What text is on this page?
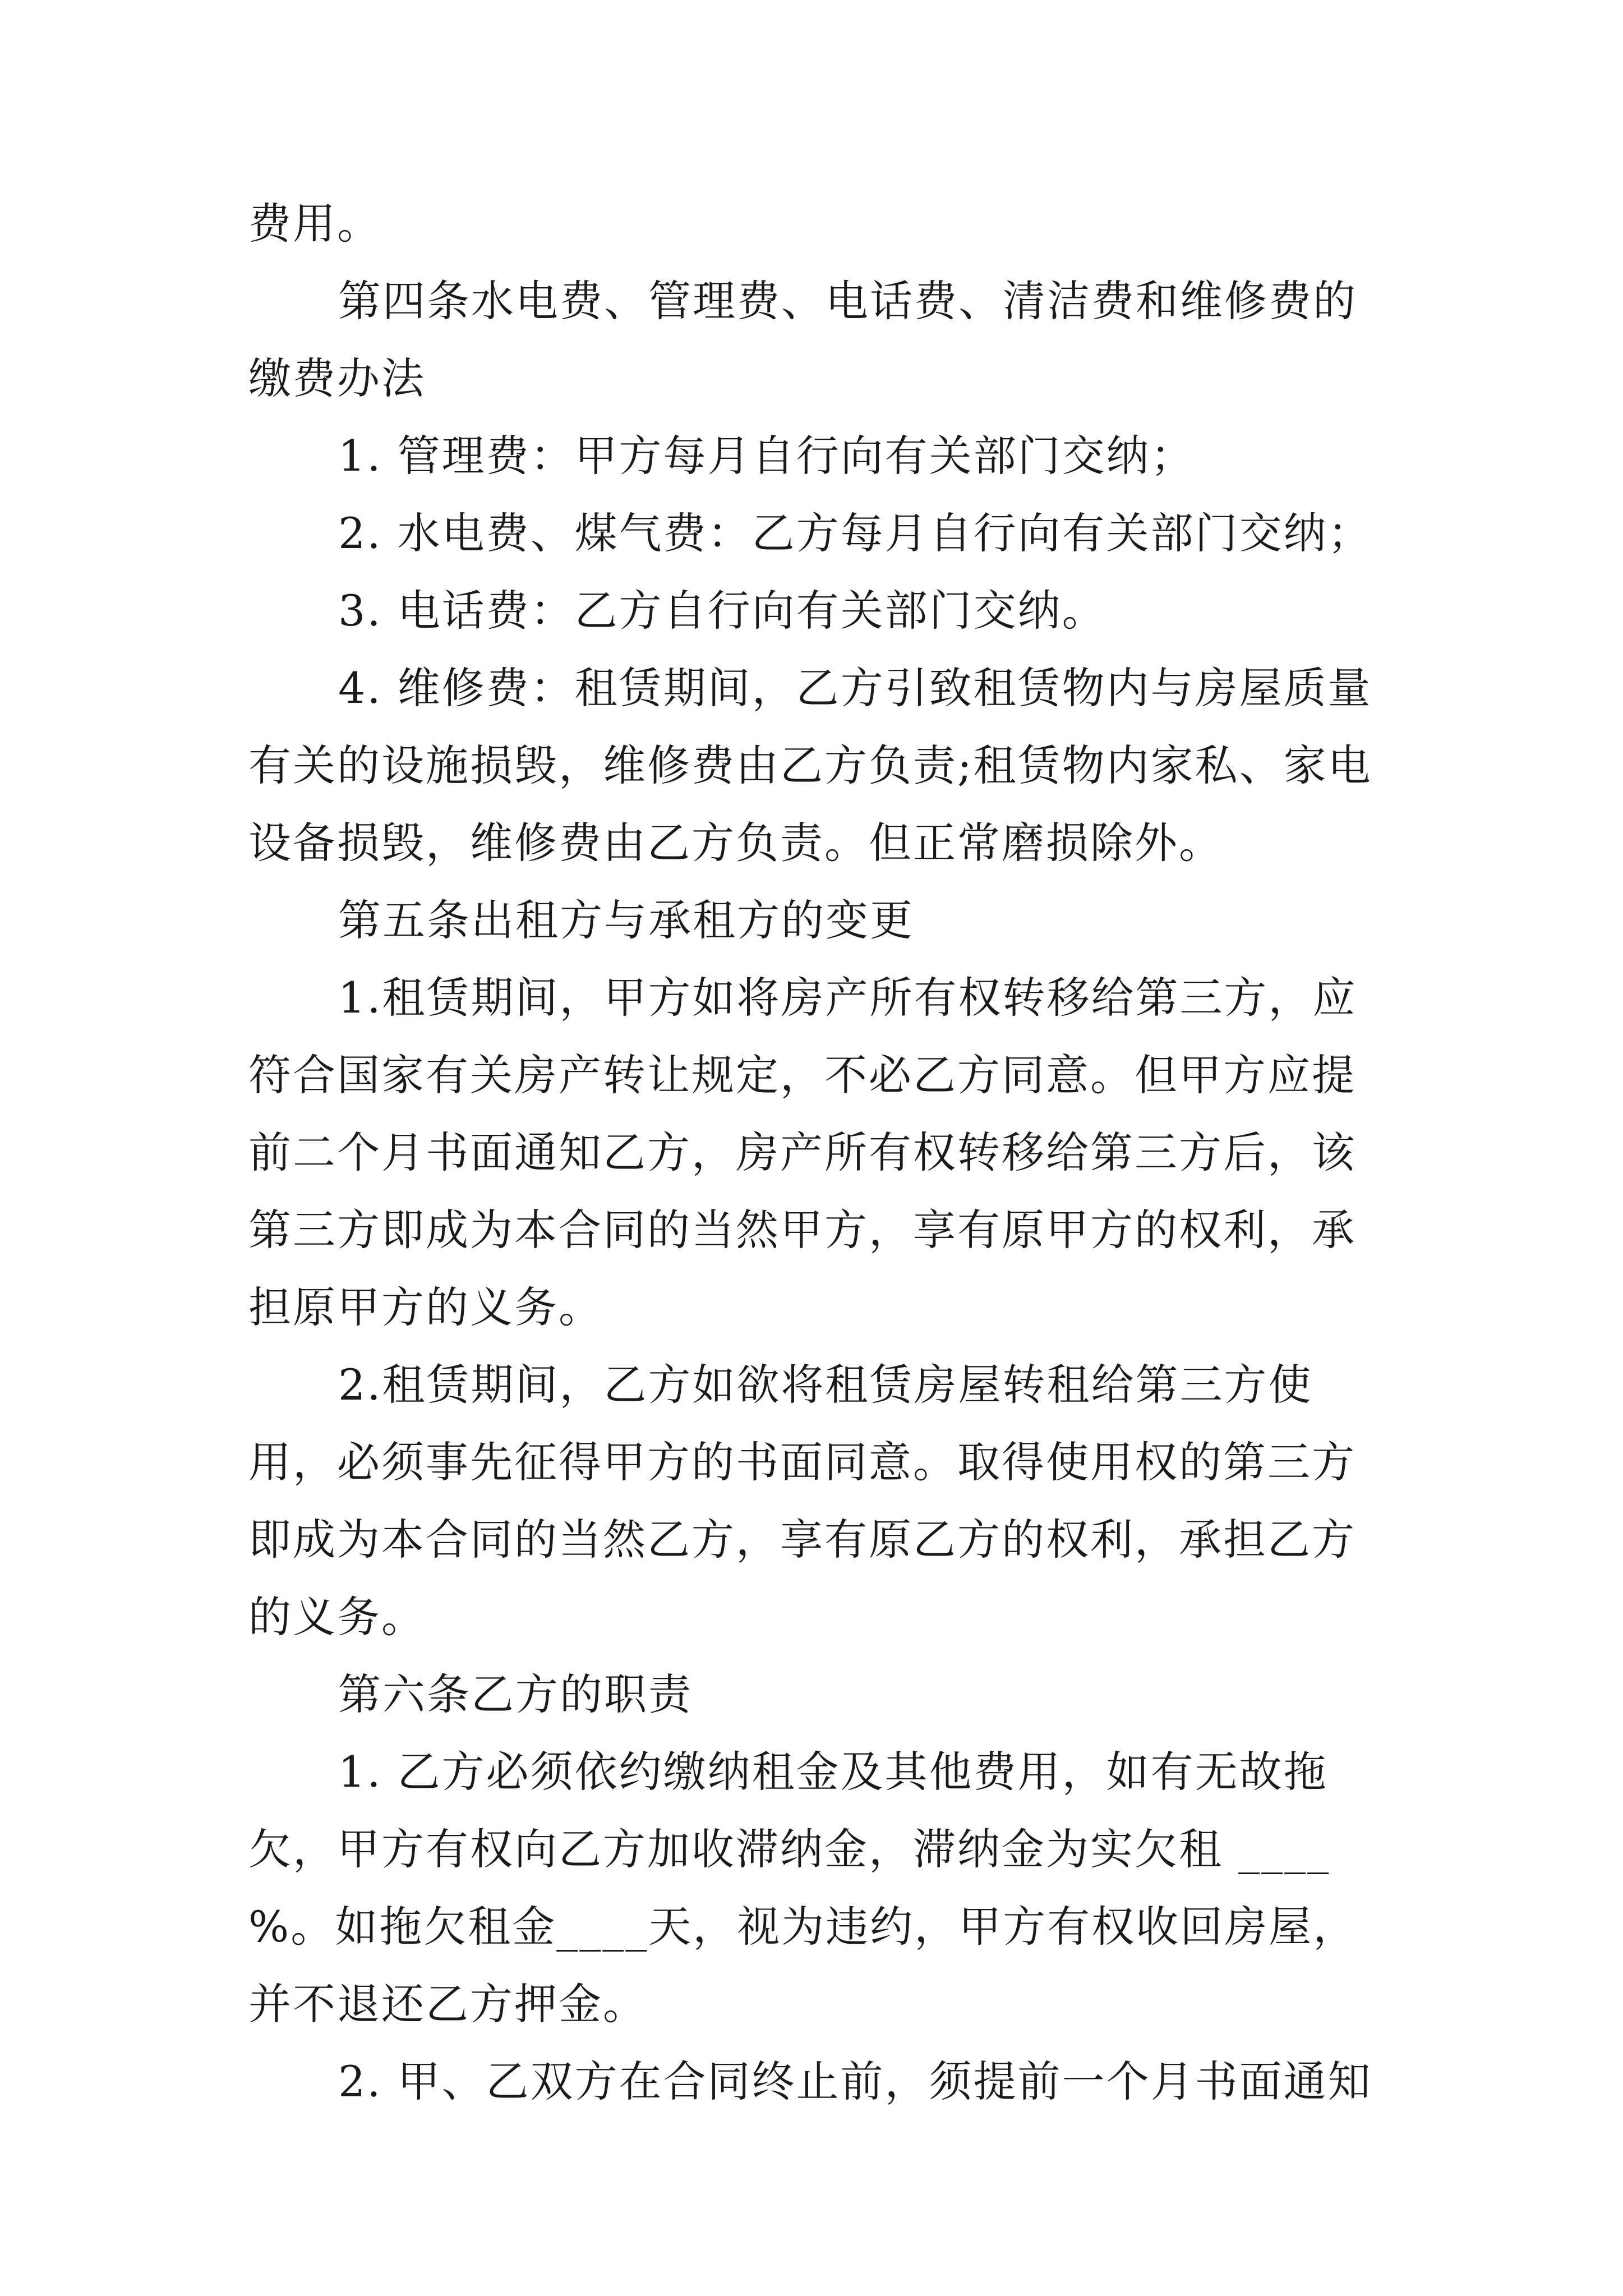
费用。

第四条水电费、管理费、电话费、清洁费和维修费的缴费办法

1. 管理费：甲方每月自行向有关部门交纳；

2. 水电费、煤气费：乙方每月自行向有关部门交纳；

3. 电话费：乙方自行向有关部门交纳。

4. 维修费：租赁期间，乙方引致租赁物内与房屋质量有关的设施损毁，维修费由乙方负责;租赁物内家私、家电设备损毁，维修费由乙方负责。但正常磨损除外。

第五条出租方与承租方的变更

1.租赁期间，甲方如将房产所有权转移给第三方，应符合国家有关房产转让规定，不必乙方同意。但甲方应提前二个月书面通知乙方，房产所有权转移给第三方后，该第三方即成为本合同的当然甲方，享有原甲方的权利，承担原甲方的义务。

2.租赁期间，乙方如欲将租赁房屋转租给第三方使用，必须事先征得甲方的书面同意。取得使用权的第三方即成为本合同的当然乙方，享有原乙方的权利，承担乙方的义务。

第六条乙方的职责

1. 乙方必须依约缴纳租金及其他费用，如有无故拖欠，甲方有权向乙方加收滞纳金，滞纳金为实欠租 ____ %。如拖欠租金____天，视为违约，甲方有权收回房屋，并不退还乙方押金。

2. 甲、乙双方在合同终止前，须提前一个月书面通知
